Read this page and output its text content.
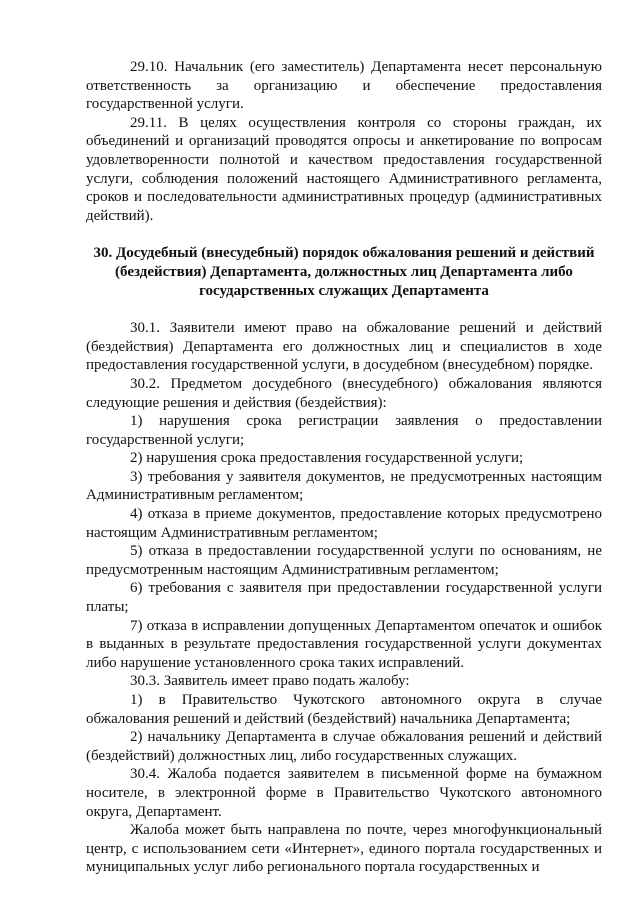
29.10. Начальник (его заместитель) Департамента несет персональную ответственность за организацию и обеспечение предоставления государственной услуги.

29.11. В целях осуществления контроля со стороны граждан, их объединений и организаций проводятся опросы и анкетирование по вопросам удовлетворенности полнотой и качеством предоставления государственной услуги, соблюдения положений настоящего Административного регламента, сроков и последовательности административных процедур (административных действий).

30. Досудебный (внесудебный) порядок обжалования решений и действий (бездействия) Департамента, должностных лиц Департамента либо государственных служащих Департамента

30.1. Заявители имеют право на обжалование решений и действий (бездействия) Департамента его должностных лиц и специалистов в ходе предоставления государственной услуги, в досудебном (внесудебном) порядке.

30.2. Предметом досудебного (внесудебного) обжалования являются следующие решения и действия (бездействия):

1) нарушения срока регистрации заявления о предоставлении государственной услуги;

2) нарушения срока предоставления государственной услуги;

3) требования у заявителя документов, не предусмотренных настоящим Административным регламентом;

4) отказа в приеме документов, предоставление которых предусмотрено настоящим Административным регламентом;

5) отказа в предоставлении государственной услуги по основаниям, не предусмотренным настоящим Административным регламентом;

6) требования с заявителя при предоставлении государственной услуги платы;

7) отказа в исправлении допущенных Департаментом опечаток и ошибок в выданных в результате предоставления государственной услуги документах либо нарушение установленного срока таких исправлений.

30.3. Заявитель имеет право подать жалобу:

1) в Правительство Чукотского автономного округа в случае обжалования решений и действий (бездействий) начальника Департамента;

2) начальнику Департамента в случае обжалования решений и действий (бездействий) должностных лиц, либо государственных служащих.

30.4. Жалоба подается заявителем в письменной форме на бумажном носителе, в электронной форме в Правительство Чукотского автономного округа, Департамент.

Жалоба может быть направлена по почте, через многофункциональный центр, с использованием сети «Интернет», единого портала государственных и муниципальных услуг либо регионального портала государственных и
